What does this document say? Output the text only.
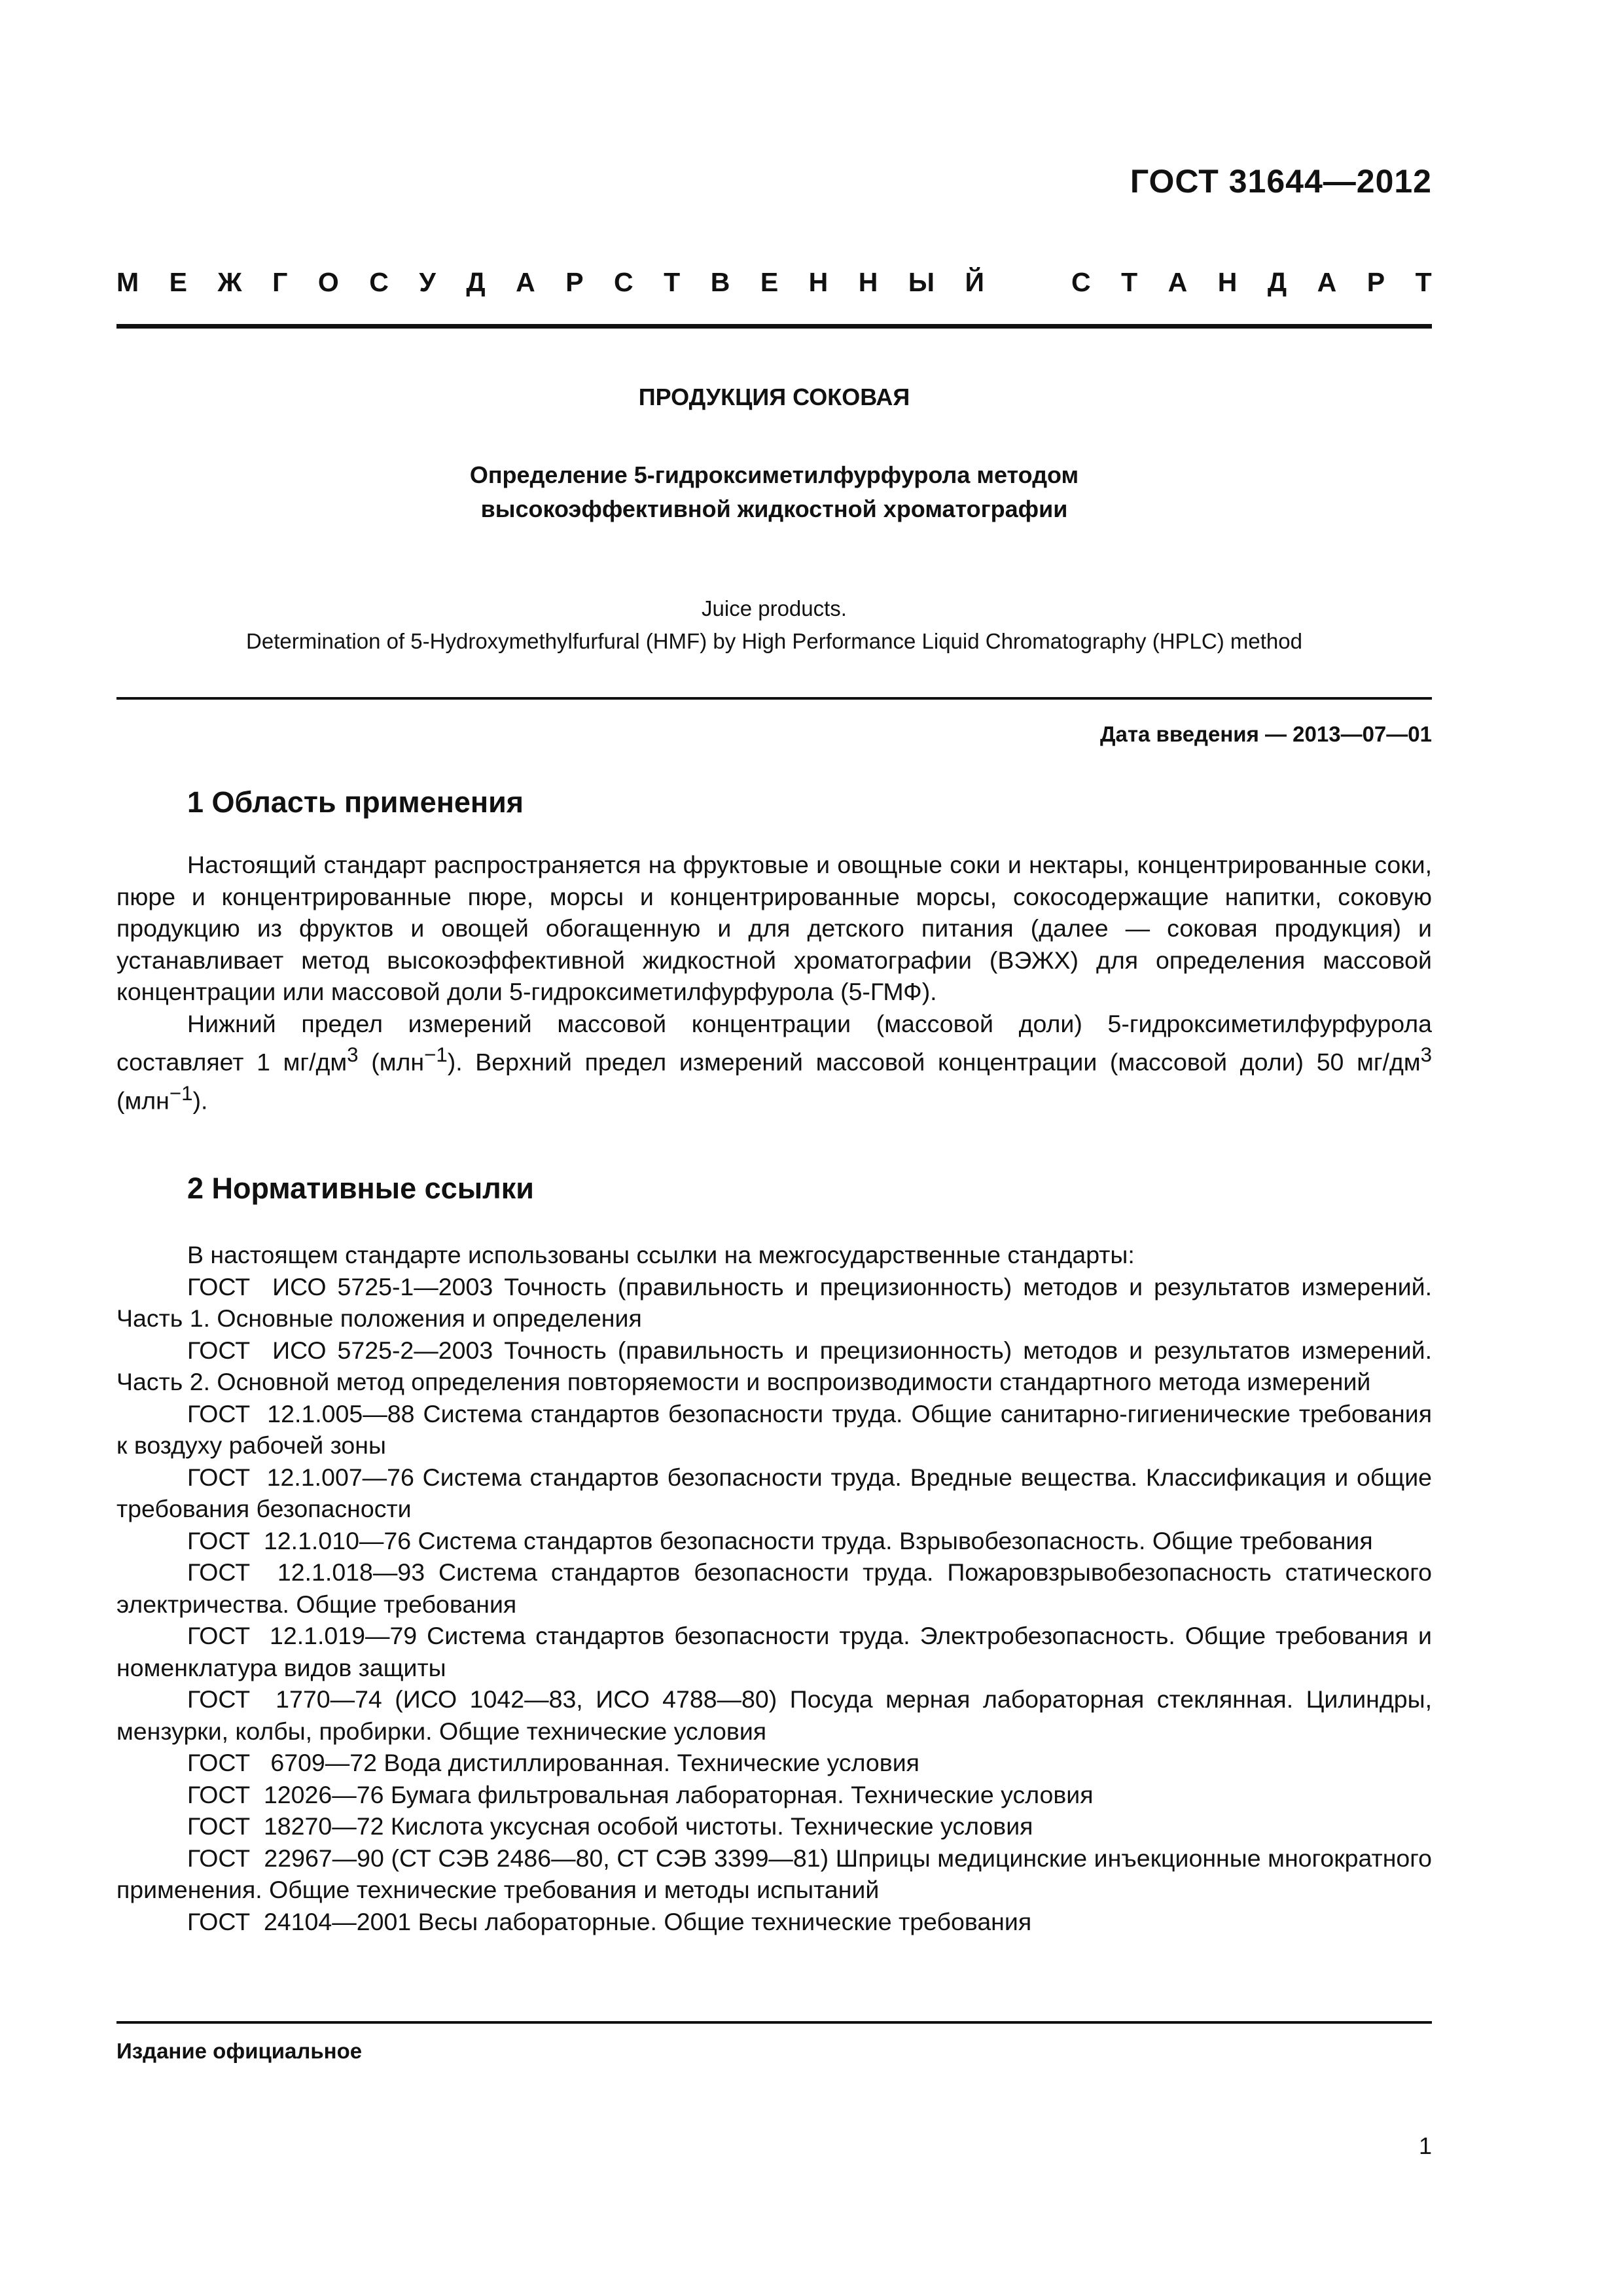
ГОСТ 31644—2012
М Е Ж Г О С У Д А Р С Т В Е Н Н Ы Й	С Т А Н Д А Р Т
ПРОДУКЦИЯ СОКОВАЯ
Определение 5-гидроксиметилфурфурола методом
высокоэффективной жидкостной хроматографии
Juice products.
Determination of 5-Hydroxymethylfurfural (HMF) by High Performance Liquid Chromatography (HPLC) method
Дата введения — 2013—07—01
1 Область применения

Настоящий стандарт распространяется на фруктовые и овощные соки и нектары, концентрированные соки, пюре и концентрированные пюре, морсы и концентрированные морсы, сокосодержащие напитки, соковую продукцию из фруктов и овощей обогащенную и для детского питания (далее — соковая продукция) и устанавливает метод высокоэффективной жидкостной хроматографии (ВЭЖХ) для определения массовой концентрации или массовой доли 5-гидроксиметилфурфурола (5-ГМФ).

Нижний предел измерений массовой концентрации (массовой доли) 5-гидроксиметилфурфурола составляет 1 $мг/дм^3$ (млн$^{-1}$). Верхний предел измерений массовой концентрации (массовой доли) 50 $мг/дм^3$ (млн$^{-1}$).

2 Нормативные ссылки

В настоящем стандарте использованы ссылки на межгосударственные стандарты:

ГОСТ  ИСО 5725-1—2003 Точность (правильность и прецизионность) методов и результатов измерений. Часть 1. Основные положения и определения

ГОСТ  ИСО 5725-2—2003 Точность (правильность и прецизионность) методов и результатов измерений. Часть 2. Основной метод определения повторяемости и воспроизводимости стандартного метода измерений

ГОСТ  12.1.005—88 Система стандартов безопасности труда. Общие санитарно-гигиенические требования к воздуху рабочей зоны

ГОСТ  12.1.007—76 Система стандартов безопасности труда. Вредные вещества. Классификация и общие требования безопасности

ГОСТ  12.1.010—76 Система стандартов безопасности труда. Взрывобезопасность. Общие требования

ГОСТ  12.1.018—93 Система стандартов безопасности труда. Пожаровзрывобезопасность статического электричества. Общие требования

ГОСТ  12.1.019—79 Система стандартов безопасности труда. Электробезопасность. Общие требования и номенклатура видов защиты

ГОСТ  1770—74 (ИСО 1042—83, ИСО 4788—80) Посуда мерная лабораторная стеклянная. Цилиндры, мензурки, колбы, пробирки. Общие технические условия

ГОСТ   6709—72 Вода дистиллированная. Технические условия

ГОСТ  12026—76 Бумага фильтровальная лабораторная. Технические условия

ГОСТ  18270—72 Кислота уксусная особой чистоты. Технические условия

ГОСТ  22967—90 (СТ СЭВ 2486—80, СТ СЭВ 3399—81) Шприцы медицинские инъекционные многократного применения. Общие технические требования и методы испытаний

ГОСТ  24104—2001 Весы лабораторные. Общие технические требования

Издание официальное
1
